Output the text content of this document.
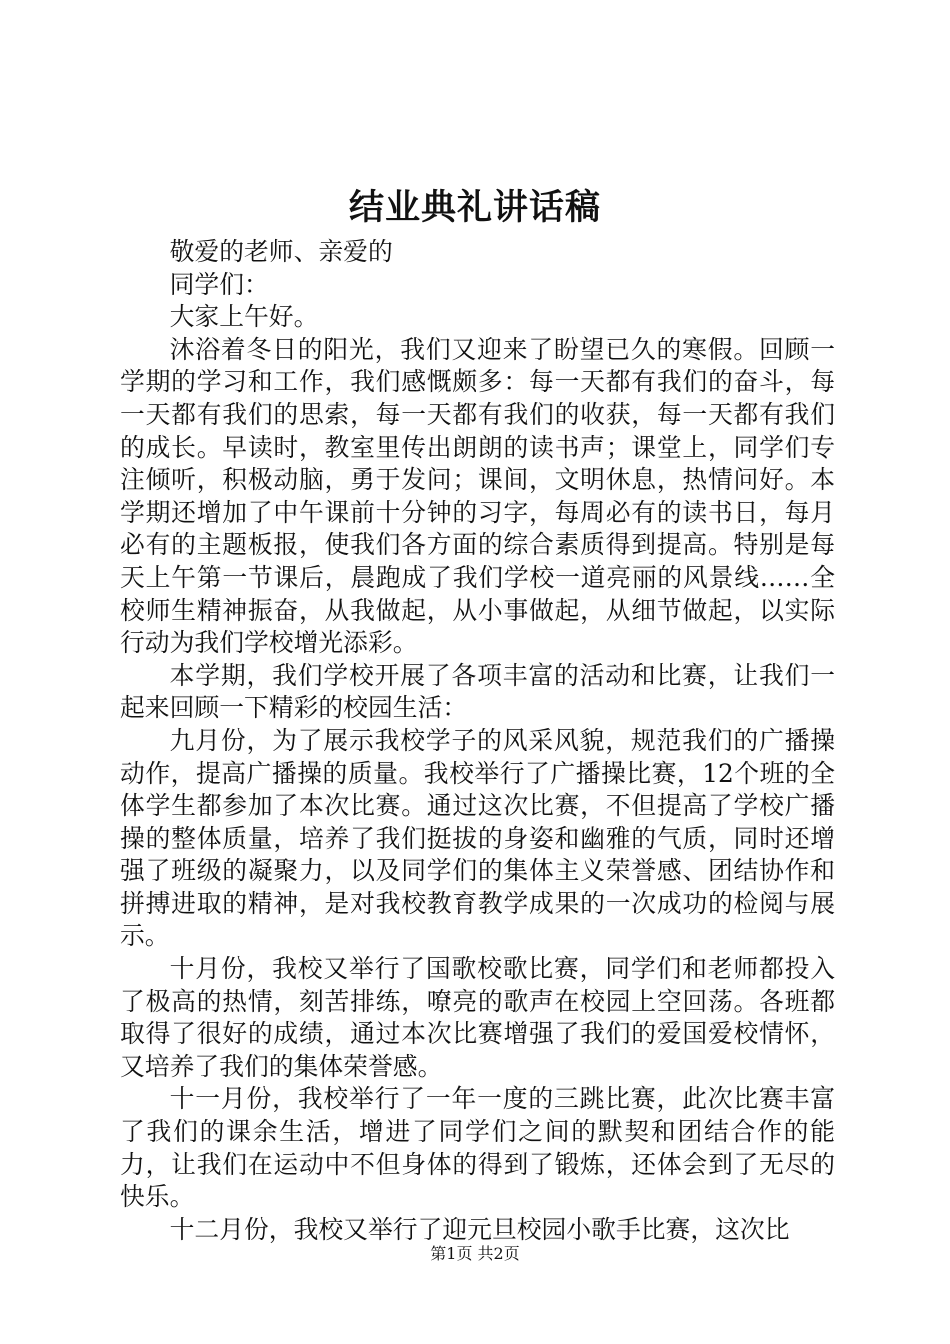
结业典礼讲话稿

敬爱的老师、亲爱的

同学们：

大家上午好。

沐浴着冬日的阳光，我们又迎来了盼望已久的寒假。回顾一学期的学习和工作，我们感慨颇多：每一天都有我们的奋斗，每一天都有我们的思索，每一天都有我们的收获，每一天都有我们的成长。早读时，教室里传出朗朗的读书声；课堂上，同学们专注倾听，积极动脑，勇于发问；课间，文明休息，热情问好。本学期还增加了中午课前十分钟的习字，每周必有的读书日，每月必有的主题板报，使我们各方面的综合素质得到提高。特别是每天上午第一节课后，晨跑成了我们学校一道亮丽的风景线……全校师生精神振奋，从我做起，从小事做起，从细节做起，以实际行动为我们学校增光添彩。

本学期，我们学校开展了各项丰富的活动和比赛，让我们一起来回顾一下精彩的校园生活：

九月份，为了展示我校学子的风采风貌，规范我们的广播操动作，提高广播操的质量。我校举行了广播操比赛，12个班的全体学生都参加了本次比赛。通过这次比赛，不但提高了学校广播操的整体质量，培养了我们挺拔的身姿和幽雅的气质，同时还增强了班级的凝聚力，以及同学们的集体主义荣誉感、团结协作和拼搏进取的精神，是对我校教育教学成果的一次成功的检阅与展示。

十月份，我校又举行了国歌校歌比赛，同学们和老师都投入了极高的热情，刻苦排练，嘹亮的歌声在校园上空回荡。各班都取得了很好的成绩，通过本次比赛增强了我们的爱国爱校情怀，又培养了我们的集体荣誉感。

十一月份，我校举行了一年一度的三跳比赛，此次比赛丰富了我们的课余生活，增进了同学们之间的默契和团结合作的能力，让我们在运动中不但身体的得到了锻炼，还体会到了无尽的快乐。

十二月份，我校又举行了迎元旦校园小歌手比赛，这次比

第1页 共2页
